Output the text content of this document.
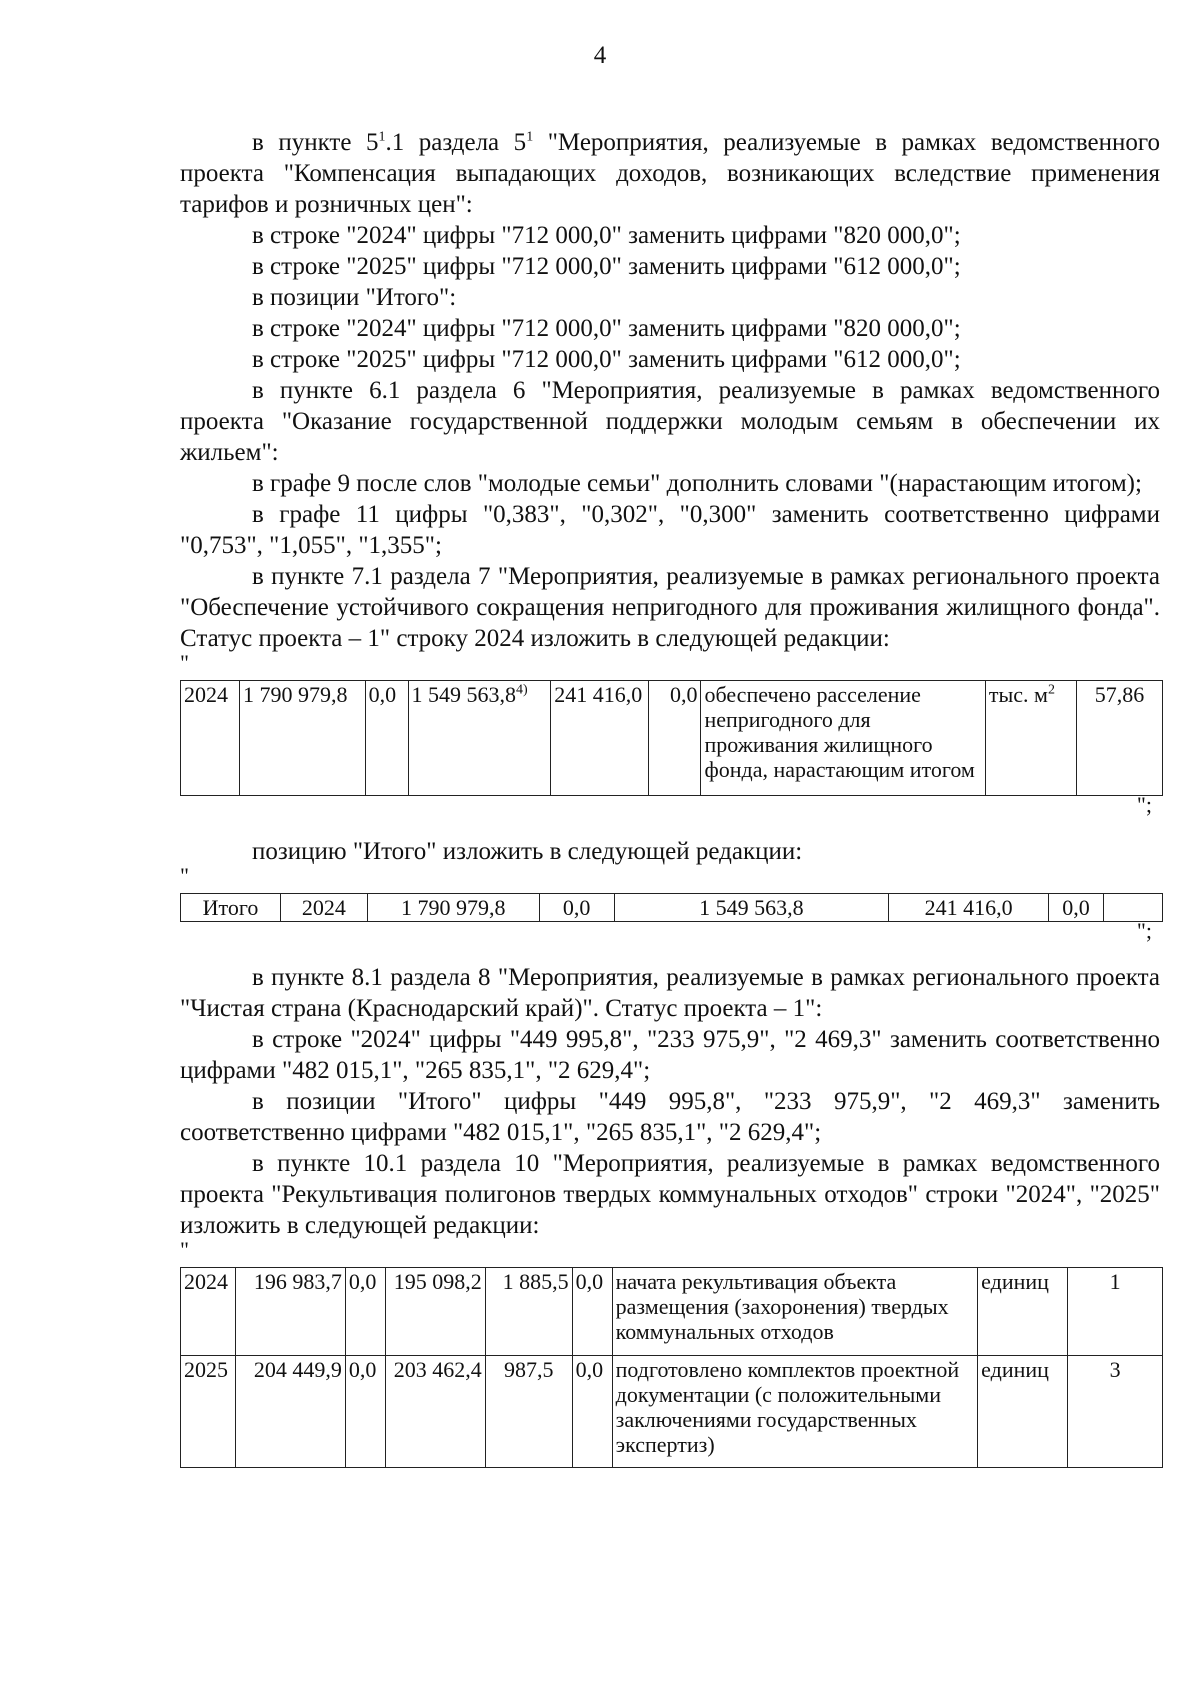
4

в пункте $5^1.1$ раздела $5^1$ "Мероприятия, реализуемые в рамках ведомственного проекта "Компенсация выпадающих доходов, возникающих вследствие применения тарифов и розничных цен":

в строке "2024" цифры "712 000,0" заменить цифрами "820 000,0";

в строке "2025" цифры "712 000,0" заменить цифрами "612 000,0";

в позиции "Итого":

в строке "2024" цифры "712 000,0" заменить цифрами "820 000,0";

в строке "2025" цифры "712 000,0" заменить цифрами "612 000,0";

в пункте 6.1 раздела 6 "Мероприятия, реализуемые в рамках ведомственного проекта "Оказание государственной поддержки молодым семьям в обеспечении их жильем":

в графе 9 после слов "молодые семьи" дополнить словами "(нарастающим итогом);

в графе 11 цифры "0,383", "0,302", "0,300" заменить соответственно цифрами "0,753", "1,055", "1,355";

в пункте 7.1 раздела 7 "Мероприятия, реализуемые в рамках регионального проекта "Обеспечение устойчивого сокращения непригодного для проживания жилищного фонда". Статус проекта – 1" строку 2024 изложить в следующей редакции:

"
2024	1 790 979,8	0,0	1 549 563,8$^{4)}$	241 416,0	0,0	обеспечено расселение непригодного для проживания жилищного фонда, нарастающим итогом	тыс. $м^2$	57,86
";

позицию "Итого" изложить в следующей редакции:

"
Итого	2024	1 790 979,8	0,0	1 549 563,8	241 416,0	0,0	
";

в пункте 8.1 раздела 8 "Мероприятия, реализуемые в рамках регионального проекта "Чистая страна (Краснодарский край)". Статус проекта – 1":

в строке "2024" цифры "449 995,8", "233 975,9", "2 469,3" заменить соответственно цифрами "482 015,1", "265 835,1", "2 629,4";

в позиции "Итого" цифры "449 995,8", "233 975,9", "2 469,3" заменить соответственно цифрами "482 015,1", "265 835,1", "2 629,4";

в пункте 10.1 раздела 10 "Мероприятия, реализуемые в рамках ведомственного проекта "Рекультивация полигонов твердых коммунальных отходов" строки "2024", "2025" изложить в следующей редакции:

"
2024	196 983,7	0,0	195 098,2	1 885,5	0,0	начата рекультивация объекта размещения (захоронения) твердых коммунальных отходов	единиц	1
2025	204 449,9	0,0	203 462,4	987,5	0,0	подготовлено комплектов проектной документации (с положительными заключениями государственных экспертиз)	единиц	3
